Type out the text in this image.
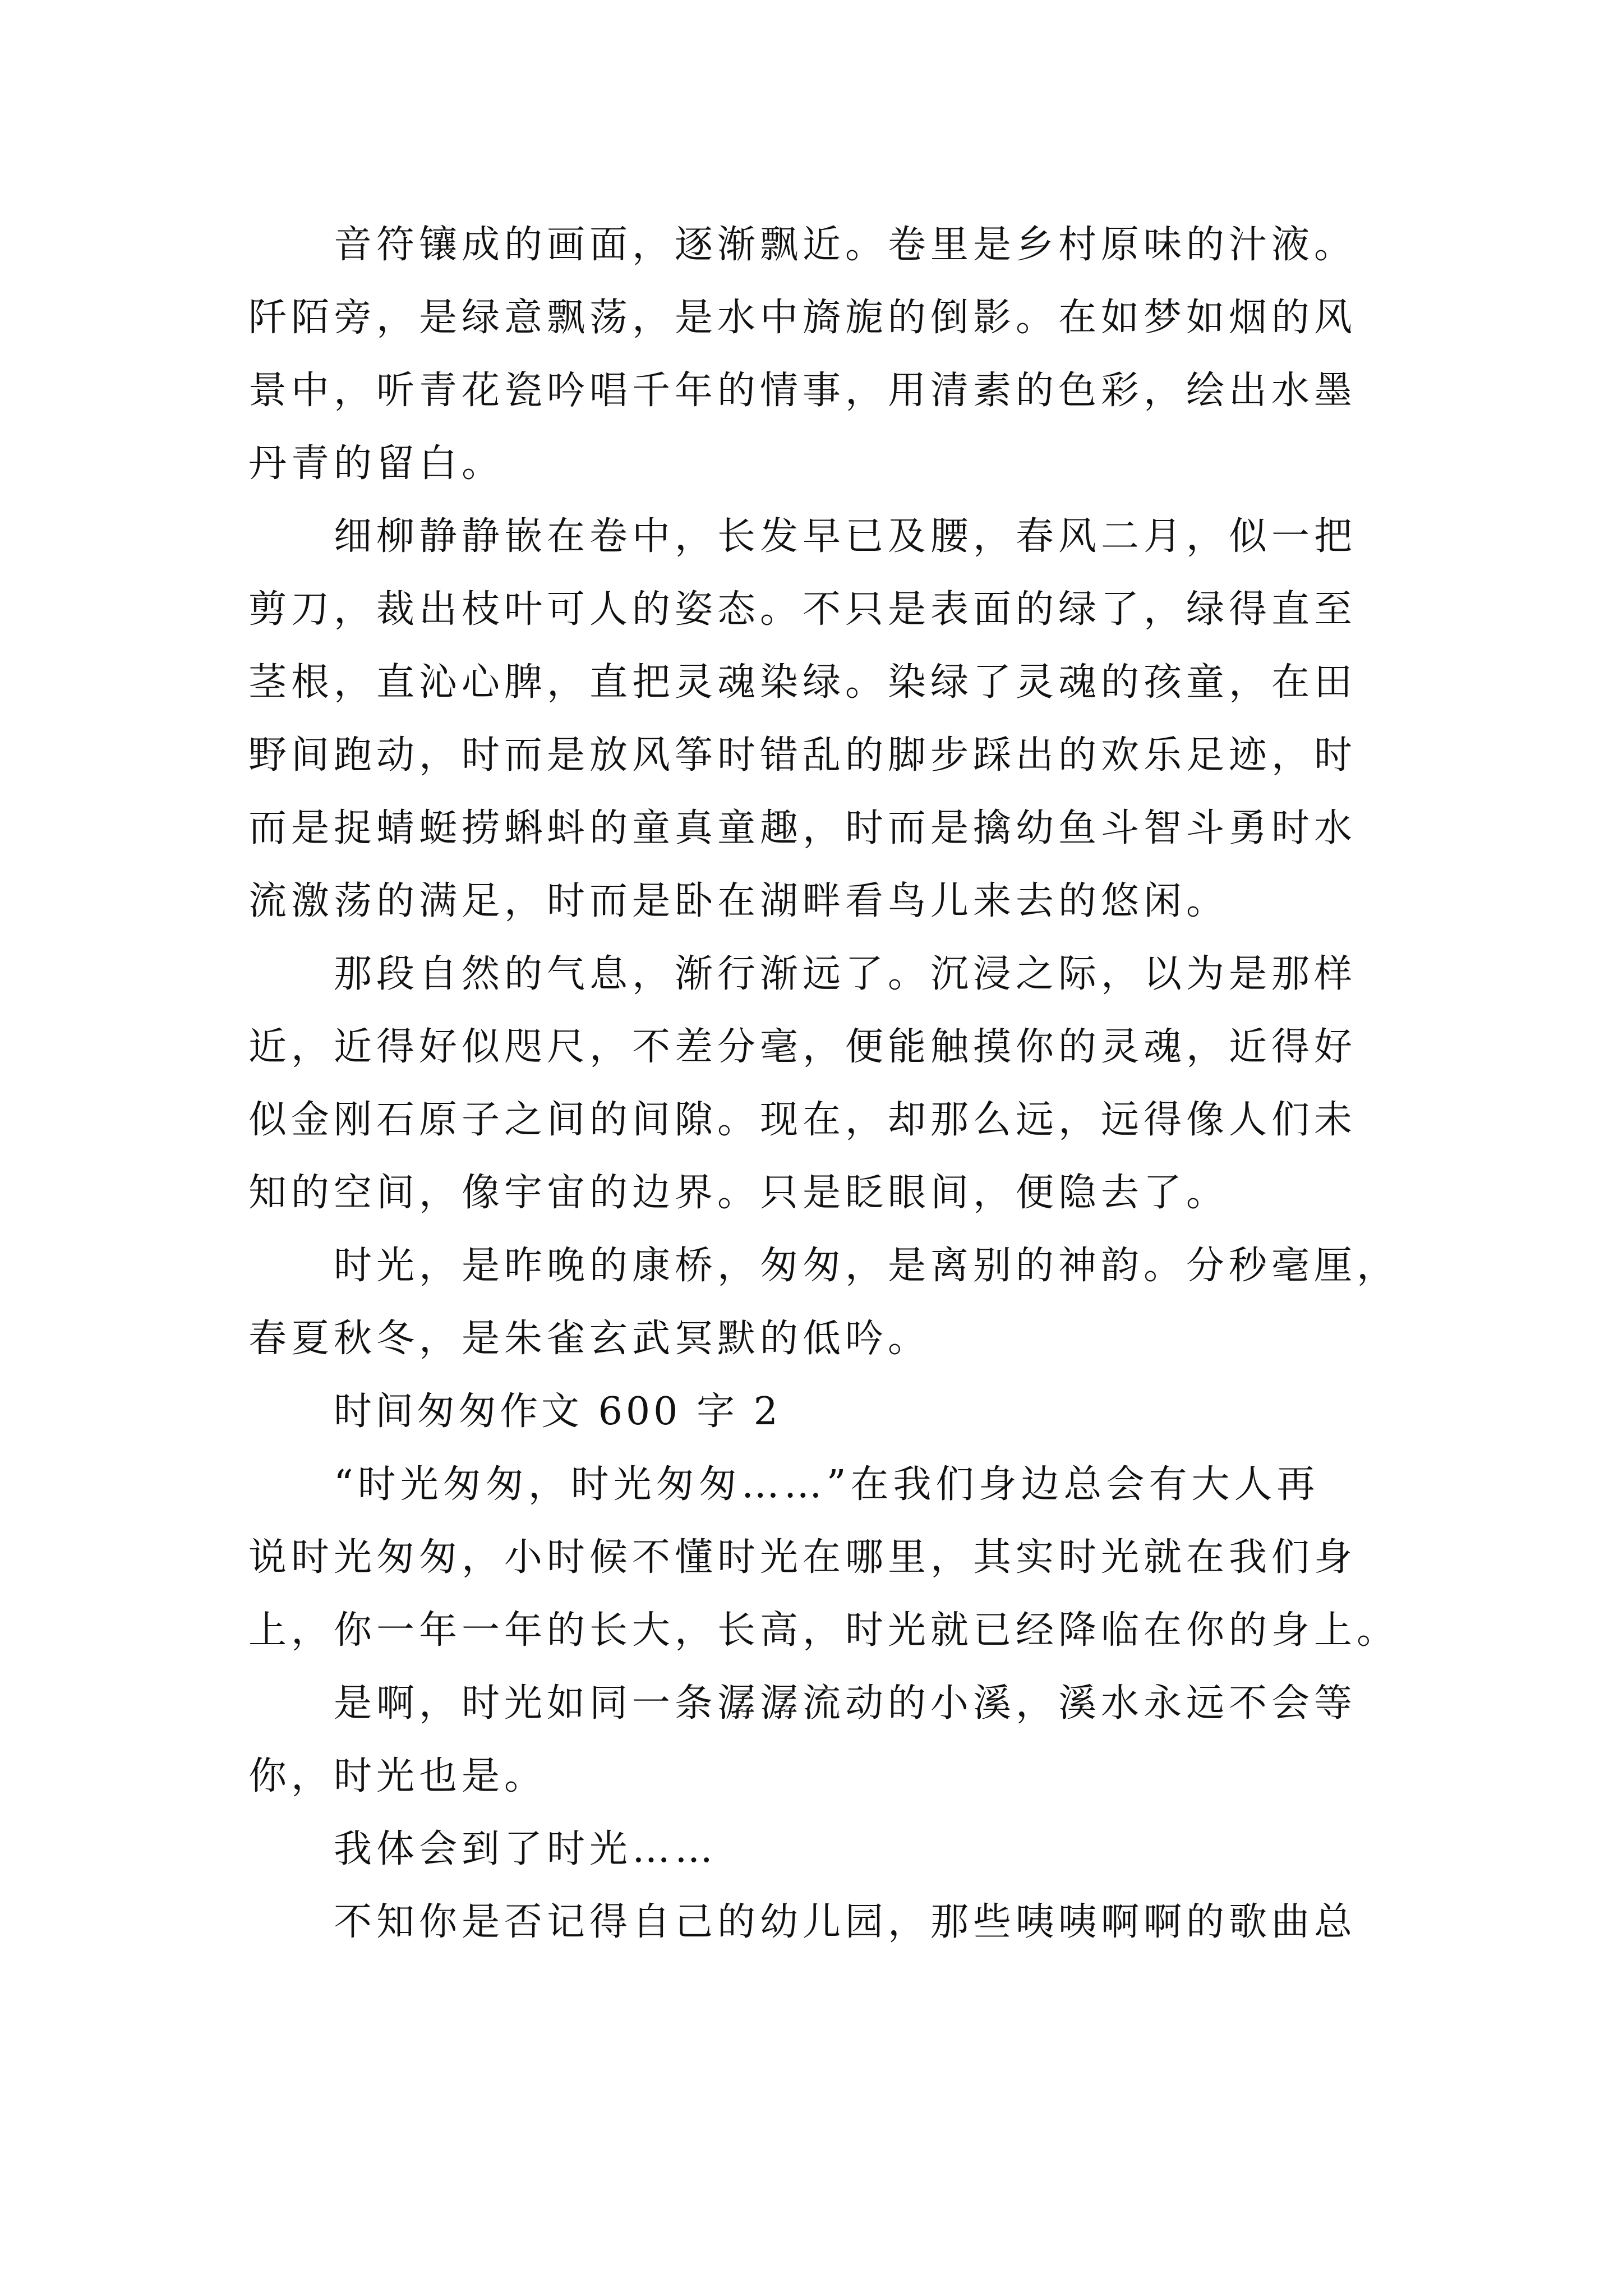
音符镶成的画面，逐渐飘近。卷里是乡村原味的汁液。

阡陌旁，是绿意飘荡，是水中旖旎的倒影。在如梦如烟的风

景中，听青花瓷吟唱千年的情事，用清素的色彩，绘出水墨

丹青的留白。

细柳静静嵌在卷中，长发早已及腰，春风二月，似一把

剪刀，裁出枝叶可人的姿态。不只是表面的绿了，绿得直至

茎根，直沁心脾，直把灵魂染绿。染绿了灵魂的孩童，在田

野间跑动，时而是放风筝时错乱的脚步踩出的欢乐足迹，时

而是捉蜻蜓捞蝌蚪的童真童趣，时而是擒幼鱼斗智斗勇时水

流激荡的满足，时而是卧在湖畔看鸟儿来去的悠闲。

那段自然的气息，渐行渐远了。沉浸之际，以为是那样

近，近得好似咫尺，不差分毫，便能触摸你的灵魂，近得好

似金刚石原子之间的间隙。现在，却那么远，远得像人们未

知的空间，像宇宙的边界。只是眨眼间，便隐去了。

时光，是昨晚的康桥，匆匆，是离别的神韵。分秒毫厘，

春夏秋冬，是朱雀玄武冥默的低吟。

时间匆匆作文 600 字 2

“时光匆匆，时光匆匆……”在我们身边总会有大人再

说时光匆匆，小时候不懂时光在哪里，其实时光就在我们身

上，你一年一年的长大，长高，时光就已经降临在你的身上。

是啊，时光如同一条潺潺流动的小溪，溪水永远不会等

你，时光也是。

我体会到了时光……

不知你是否记得自己的幼儿园，那些咦咦啊啊的歌曲总
